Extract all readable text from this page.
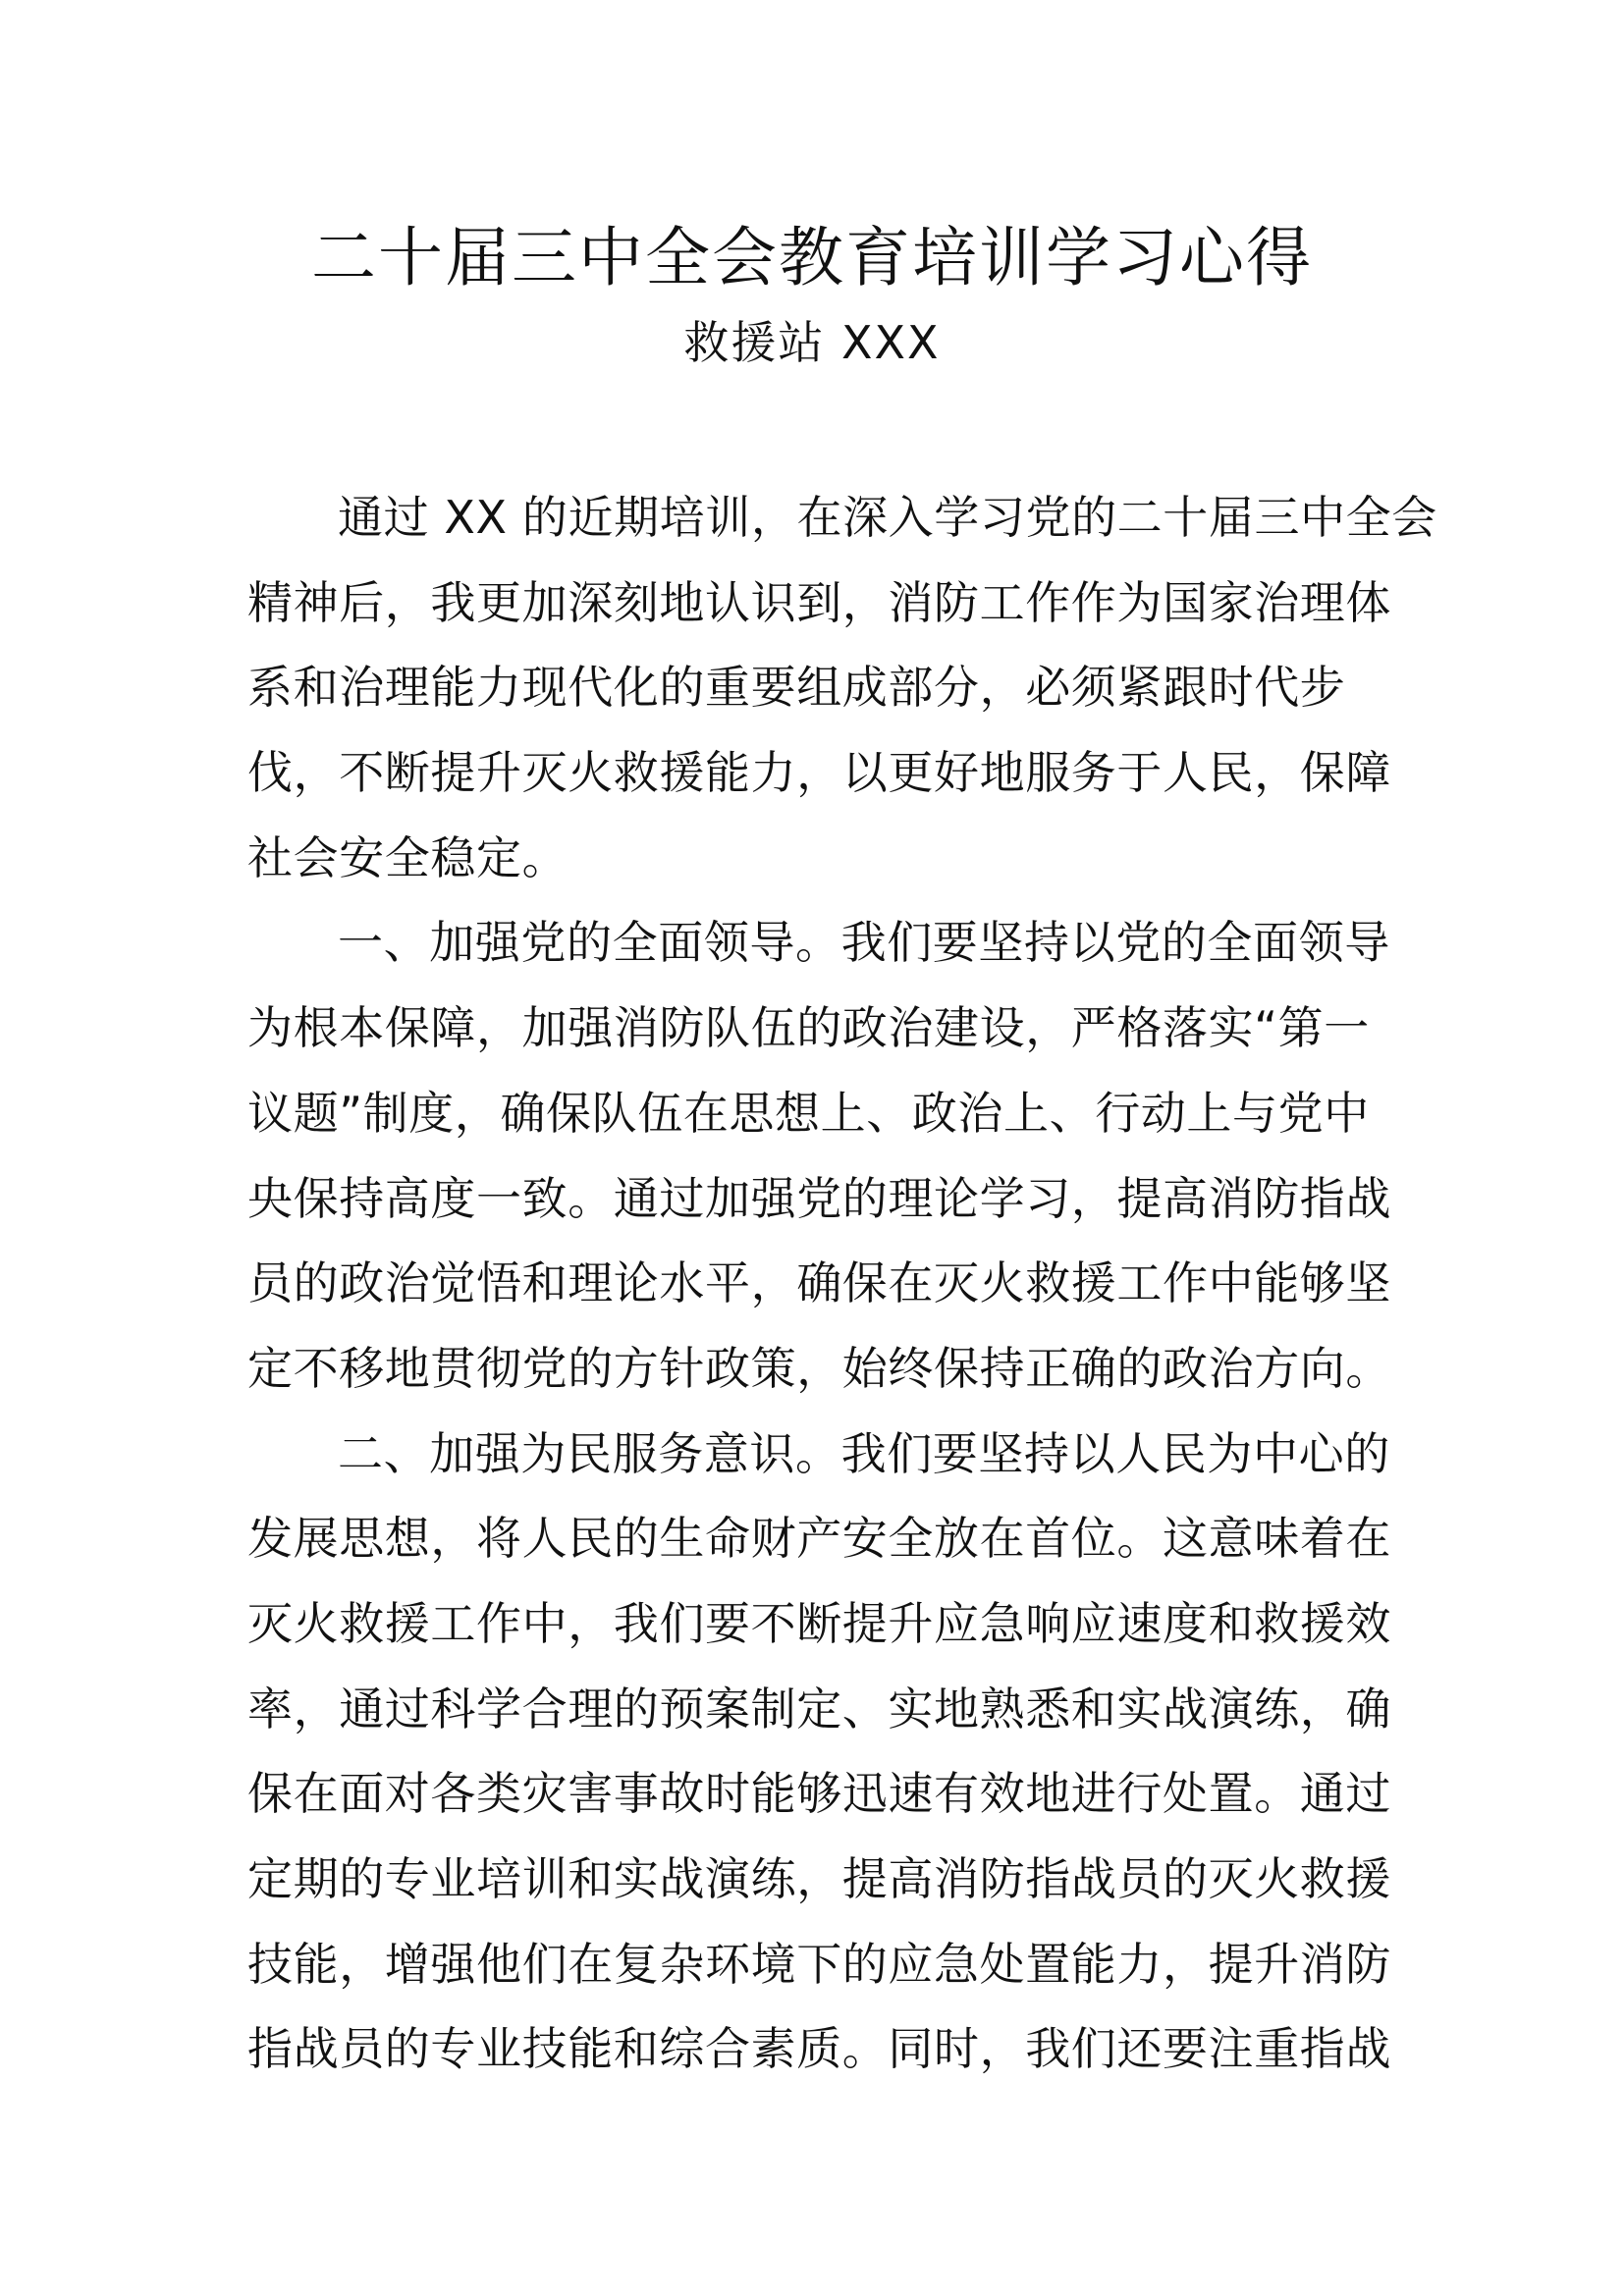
二十届三中全会教育培训学习心得
救援站 XXX
通过 XX 的近期培训，在深入学习党的二十届三中全会
精神后，我更加深刻地认识到，消防工作作为国家治理体
系和治理能力现代化的重要组成部分，必须紧跟时代步
伐，不断提升灭火救援能力，以更好地服务于人民，保障
社会安全稳定。
一、加强党的全面领导。我们要坚持以党的全面领导
为根本保障，加强消防队伍的政治建设，严格落实“第一
议题”制度，确保队伍在思想上、政治上、行动上与党中
央保持高度一致。通过加强党的理论学习，提高消防指战
员的政治觉悟和理论水平，确保在灭火救援工作中能够坚
定不移地贯彻党的方针政策，始终保持正确的政治方向。
二、加强为民服务意识。我们要坚持以人民为中心的
发展思想，将人民的生命财产安全放在首位。这意味着在
灭火救援工作中，我们要不断提升应急响应速度和救援效
率，通过科学合理的预案制定、实地熟悉和实战演练，确
保在面对各类灾害事故时能够迅速有效地进行处置。通过
定期的专业培训和实战演练，提高消防指战员的灭火救援
技能，增强他们在复杂环境下的应急处置能力，提升消防
指战员的专业技能和综合素质。同时，我们还要注重指战
